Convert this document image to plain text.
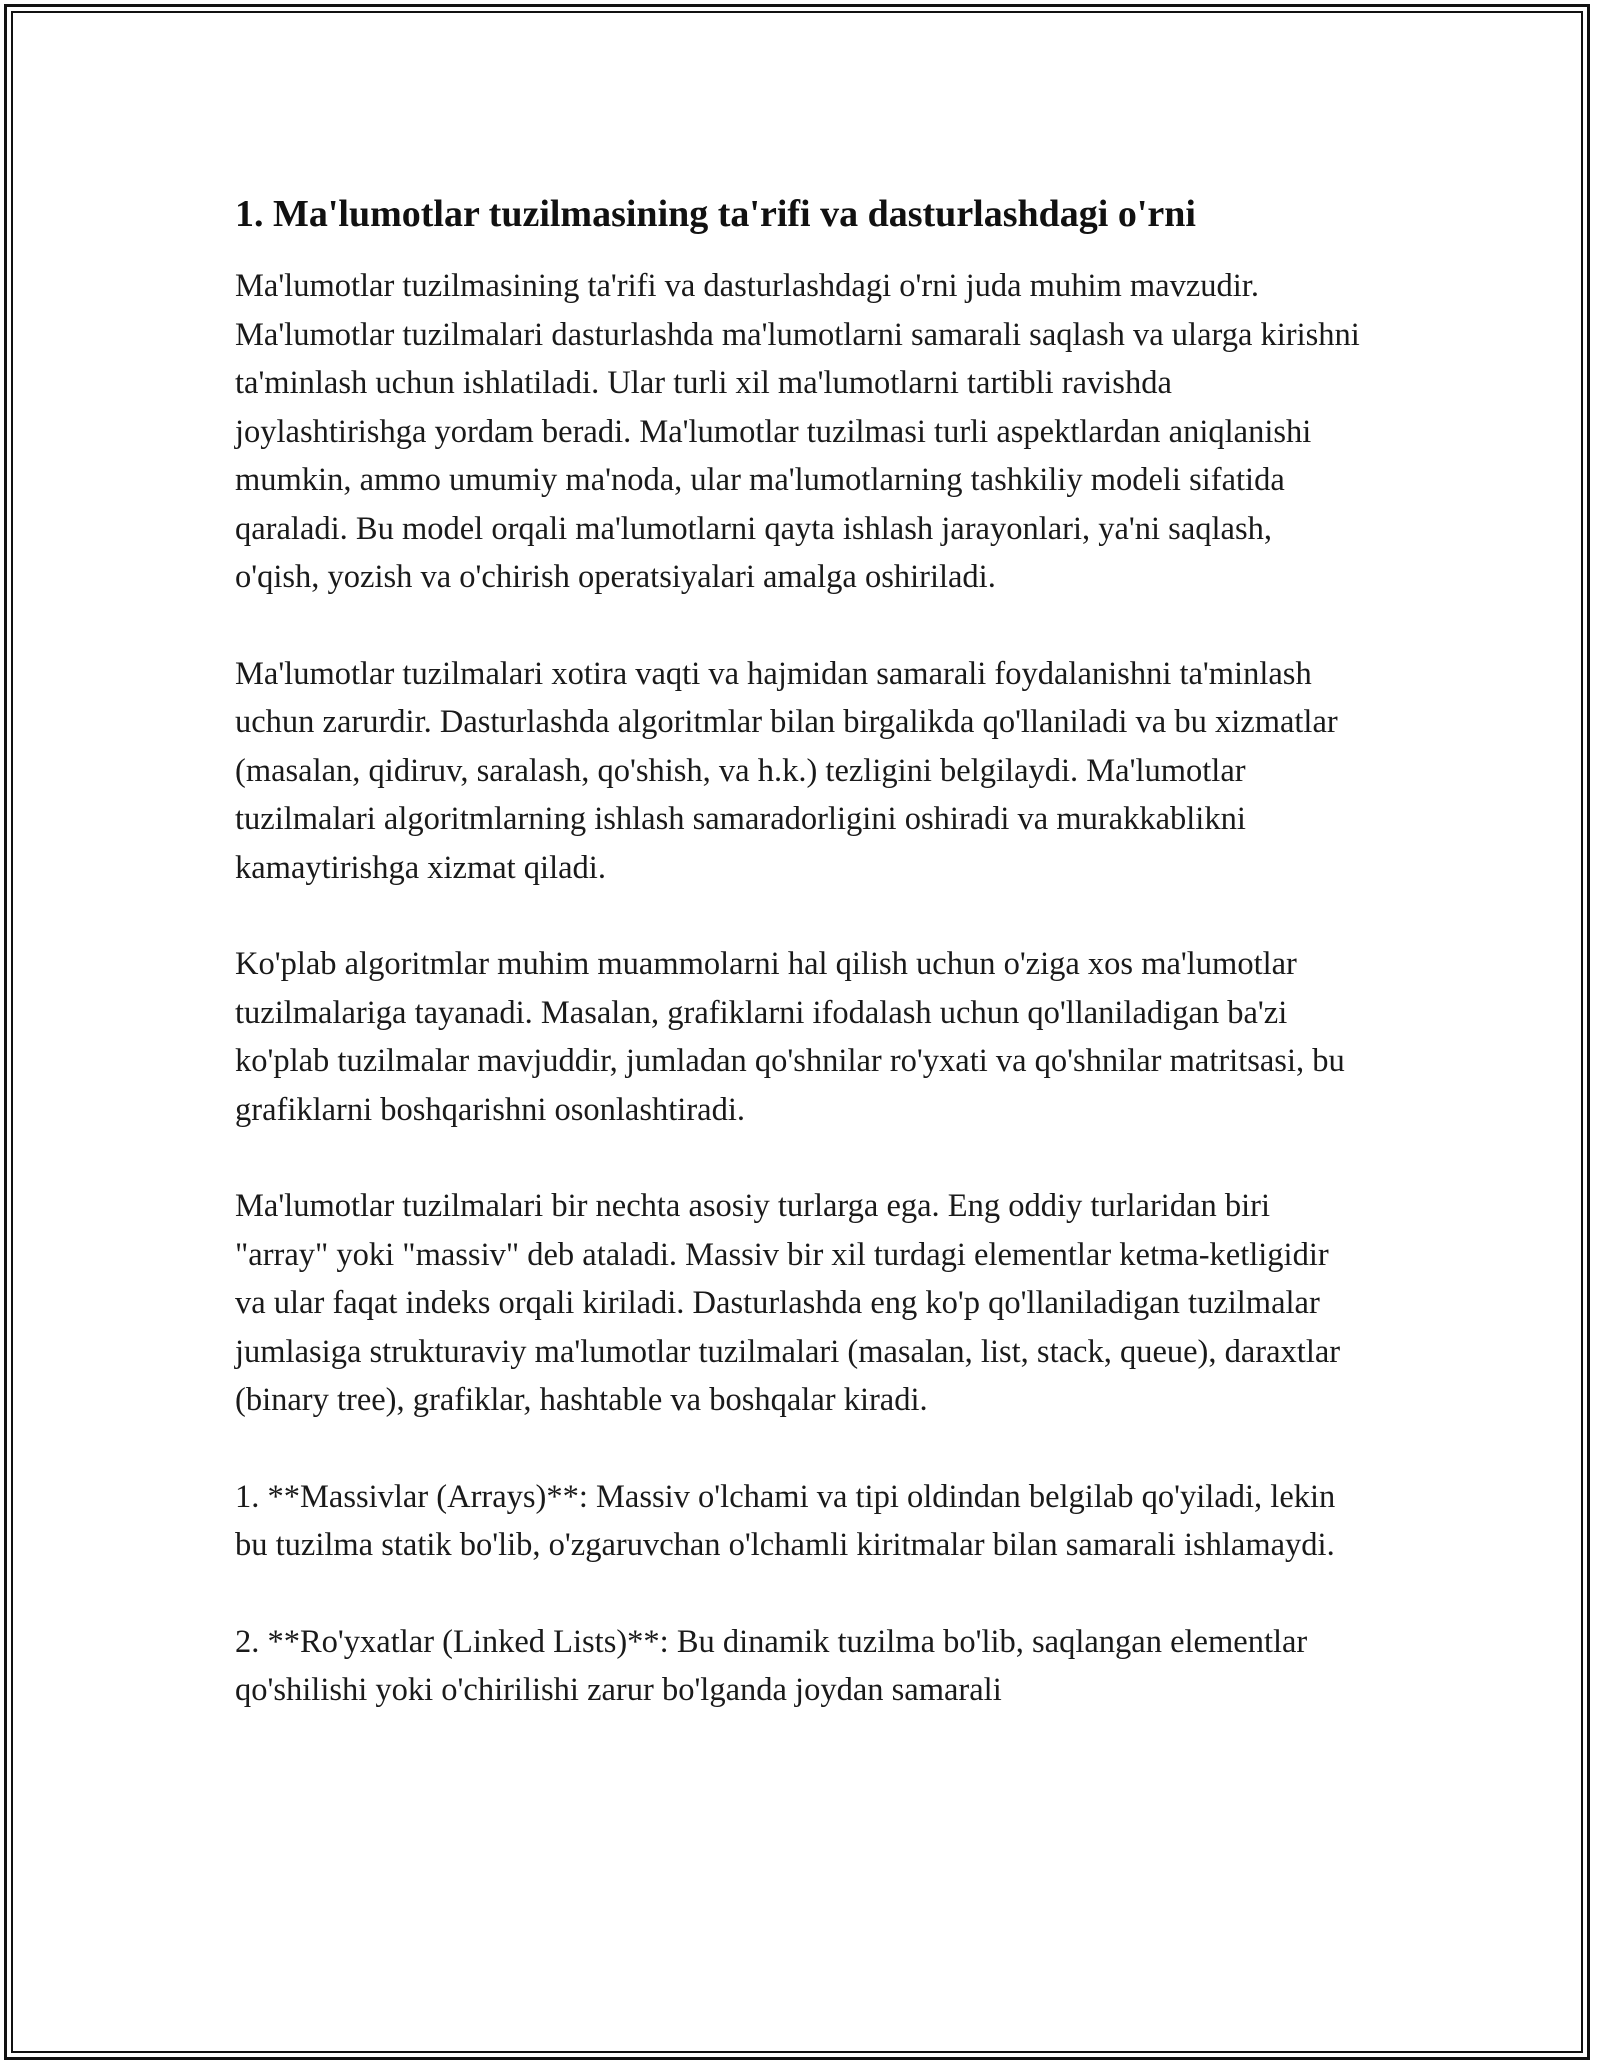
1. Ma'lumotlar tuzilmasining ta'rifi va dasturlashdagi o'rni

Ma'lumotlar tuzilmasining ta'rifi va dasturlashdagi o'rni juda muhim mavzudir. Ma'lumotlar tuzilmalari dasturlashda ma'lumotlarni samarali saqlash va ularga kirishni ta'minlash uchun ishlatiladi. Ular turli xil ma'lumotlarni tartibli ravishda joylashtirishga yordam beradi. Ma'lumotlar tuzilmasi turli aspektlardan aniqlanishi mumkin, ammo umumiy ma'noda, ular ma'lumotlarning tashkiliy modeli sifatida qaraladi. Bu model orqali ma'lumotlarni qayta ishlash jarayonlari, ya'ni saqlash, o'qish, yozish va o'chirish operatsiyalari amalga oshiriladi.

Ma'lumotlar tuzilmalari xotira vaqti va hajmidan samarali foydalanishni ta'minlash uchun zarurdir. Dasturlashda algoritmlar bilan birgalikda qo'llaniladi va bu xizmatlar (masalan, qidiruv, saralash, qo'shish, va h.k.) tezligini belgilaydi. Ma'lumotlar tuzilmalari algoritmlarning ishlash samaradorligini oshiradi va murakkablikni kamaytirishga xizmat qiladi.

Ko'plab algoritmlar muhim muammolarni hal qilish uchun o'ziga xos ma'lumotlar tuzilmalariga tayanadi. Masalan, grafiklarni ifodalash uchun qo'llaniladigan ba'zi ko'plab tuzilmalar mavjuddir, jumladan qo'shnilar ro'yxati va qo'shnilar matritsasi, bu grafiklarni boshqarishni osonlashtiradi.

Ma'lumotlar tuzilmalari bir nechta asosiy turlarga ega. Eng oddiy turlaridan biri "array" yoki "massiv" deb ataladi. Massiv bir xil turdagi elementlar ketma-ketligidir va ular faqat indeks orqali kiriladi. Dasturlashda eng ko'p qo'llaniladigan tuzilmalar jumlasiga strukturaviy ma'lumotlar tuzilmalari (masalan, list, stack, queue), daraxtlar (binary tree), grafiklar, hashtable va boshqalar kiradi.

1. **Massivlar (Arrays)**: Massiv o'lchami va tipi oldindan belgilab qo'yiladi, lekin bu tuzilma statik bo'lib, o'zgaruvchan o'lchamli kiritmalar bilan samarali ishlamaydi.

2. **Ro'yxatlar (Linked Lists)**: Bu dinamik tuzilma bo'lib, saqlangan elementlar qo'shilishi yoki o'chirilishi zarur bo'lganda joydan samarali
